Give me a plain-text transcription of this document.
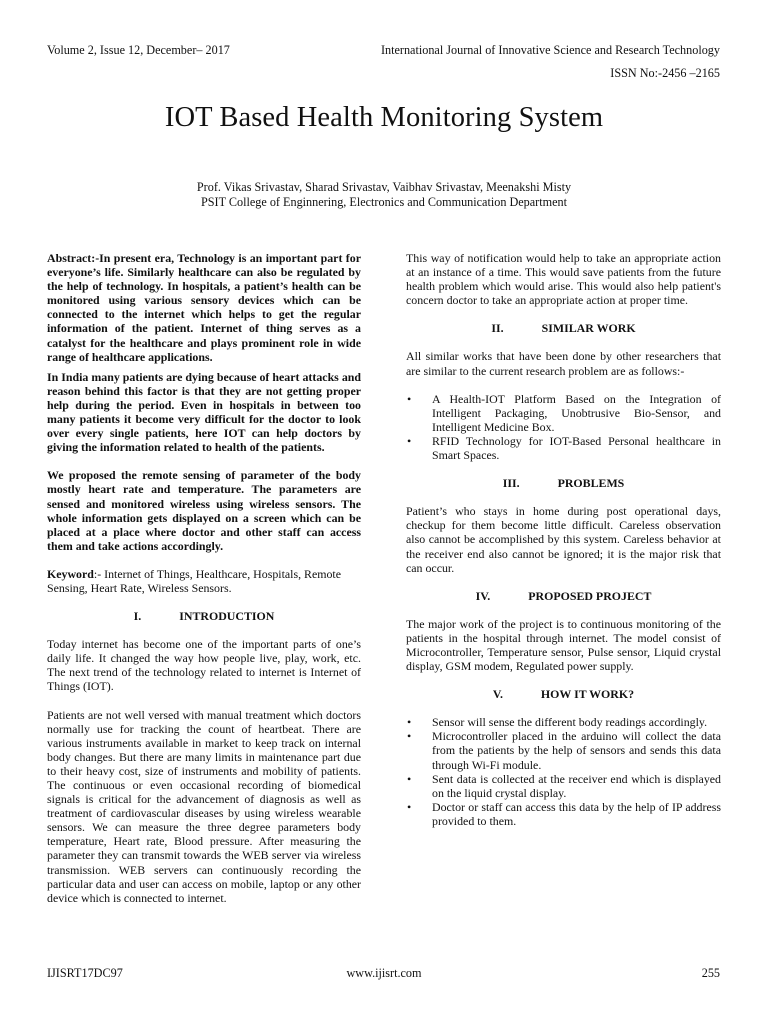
Volume 2, Issue 12, December– 2017	International Journal of Innovative Science and Research Technology
ISSN No:-2456 –2165
IOT Based Health Monitoring System
Prof. Vikas Srivastav, Sharad Srivastav, Vaibhav Srivastav, Meenakshi Misty
PSIT College of Enginnering, Electronics and Communication Department

Abstract:-In present era, Technology is an important part for everyone’s life. Similarly healthcare can also be regulated by the help of technology. In hospitals, a patient’s health can be monitored using various sensory devices which can be connected to the internet which helps to get the regular information of the patient. Internet of thing serves as a catalyst for the healthcare and plays prominent role in wide range of healthcare applications.

In India many patients are dying because of heart attacks and reason behind this factor is that they are not getting proper help during the period. Even in hospitals in between too many patients it become very difficult for the doctor to look over every single patients, here IOT can help doctors by giving the information related to health of the patients.

We proposed the remote sensing of parameter of the body mostly heart rate and temperature. The parameters are sensed and monitored wireless using wireless sensors. The whole information gets displayed on a screen which can be placed at a place where doctor and other staff can access them and take actions accordingly.

Keyword:- Internet of Things, Healthcare, Hospitals, Remote Sensing, Heart Rate, Wireless Sensors.

I.	INTRODUCTION

Today internet has become one of the important parts of one’s daily life. It changed the way how people live, play, work, etc. The next trend of the technology related to internet is Internet of Things (IOT).

Patients are not well versed with manual treatment which doctors normally use for tracking the count of heartbeat. There are various instruments available in market to keep track on internal body changes. But there are many limits in maintenance part due to their heavy cost, size of instruments and mobility of patients. The continuous or even occasional recording of biomedical signals is critical for the advancement of diagnosis as well as treatment of cardiovascular diseases by using wireless wearable sensors. We can measure the three degree parameters body temperature, Heart rate, Blood pressure. After measuring the parameter they can transmit towards the WEB server via wireless transmission. WEB servers can continuously recording the particular data and user can access on mobile, laptop or any other device which is connected to internet.

This way of notification would help to take an appropriate action at an instance of a time. This would save patients from the future health problem which would arise. This would also help patient's concern doctor to take an appropriate action at proper time.

II.	SIMILAR WORK

All similar works that have been done by other researchers that are similar to the current research problem are as follows:-

• A Health-IOT Platform Based on the Integration of Intelligent Packaging, Unobtrusive Bio-Sensor, and Intelligent Medicine Box.
• RFID Technology for IOT-Based Personal healthcare in Smart Spaces.
III.	PROBLEMS

Patient’s who stays in home during post operational days, checkup for them become little difficult. Careless observation also cannot be accomplished by this system. Careless behavior at the receiver end also cannot be ignored; it is the major risk that can occur.

IV.	PROPOSED PROJECT

The major work of the project is to continuous monitoring of the patients in the hospital through internet. The model consist of Microcontroller, Temperature sensor, Pulse sensor, Liquid crystal display, GSM modem, Regulated power supply.

V.	HOW IT WORK?
• Sensor will sense the different body readings accordingly.
• Microcontroller placed in the arduino will collect the data from the patients by the help of sensors and sends this data through Wi-Fi module.
• Sent data is collected at the receiver end which is displayed on the liquid crystal display.
• Doctor or staff can access this data by the help of IP address provided to them.
IJISRT17DC97	www.ijisrt.com	255
